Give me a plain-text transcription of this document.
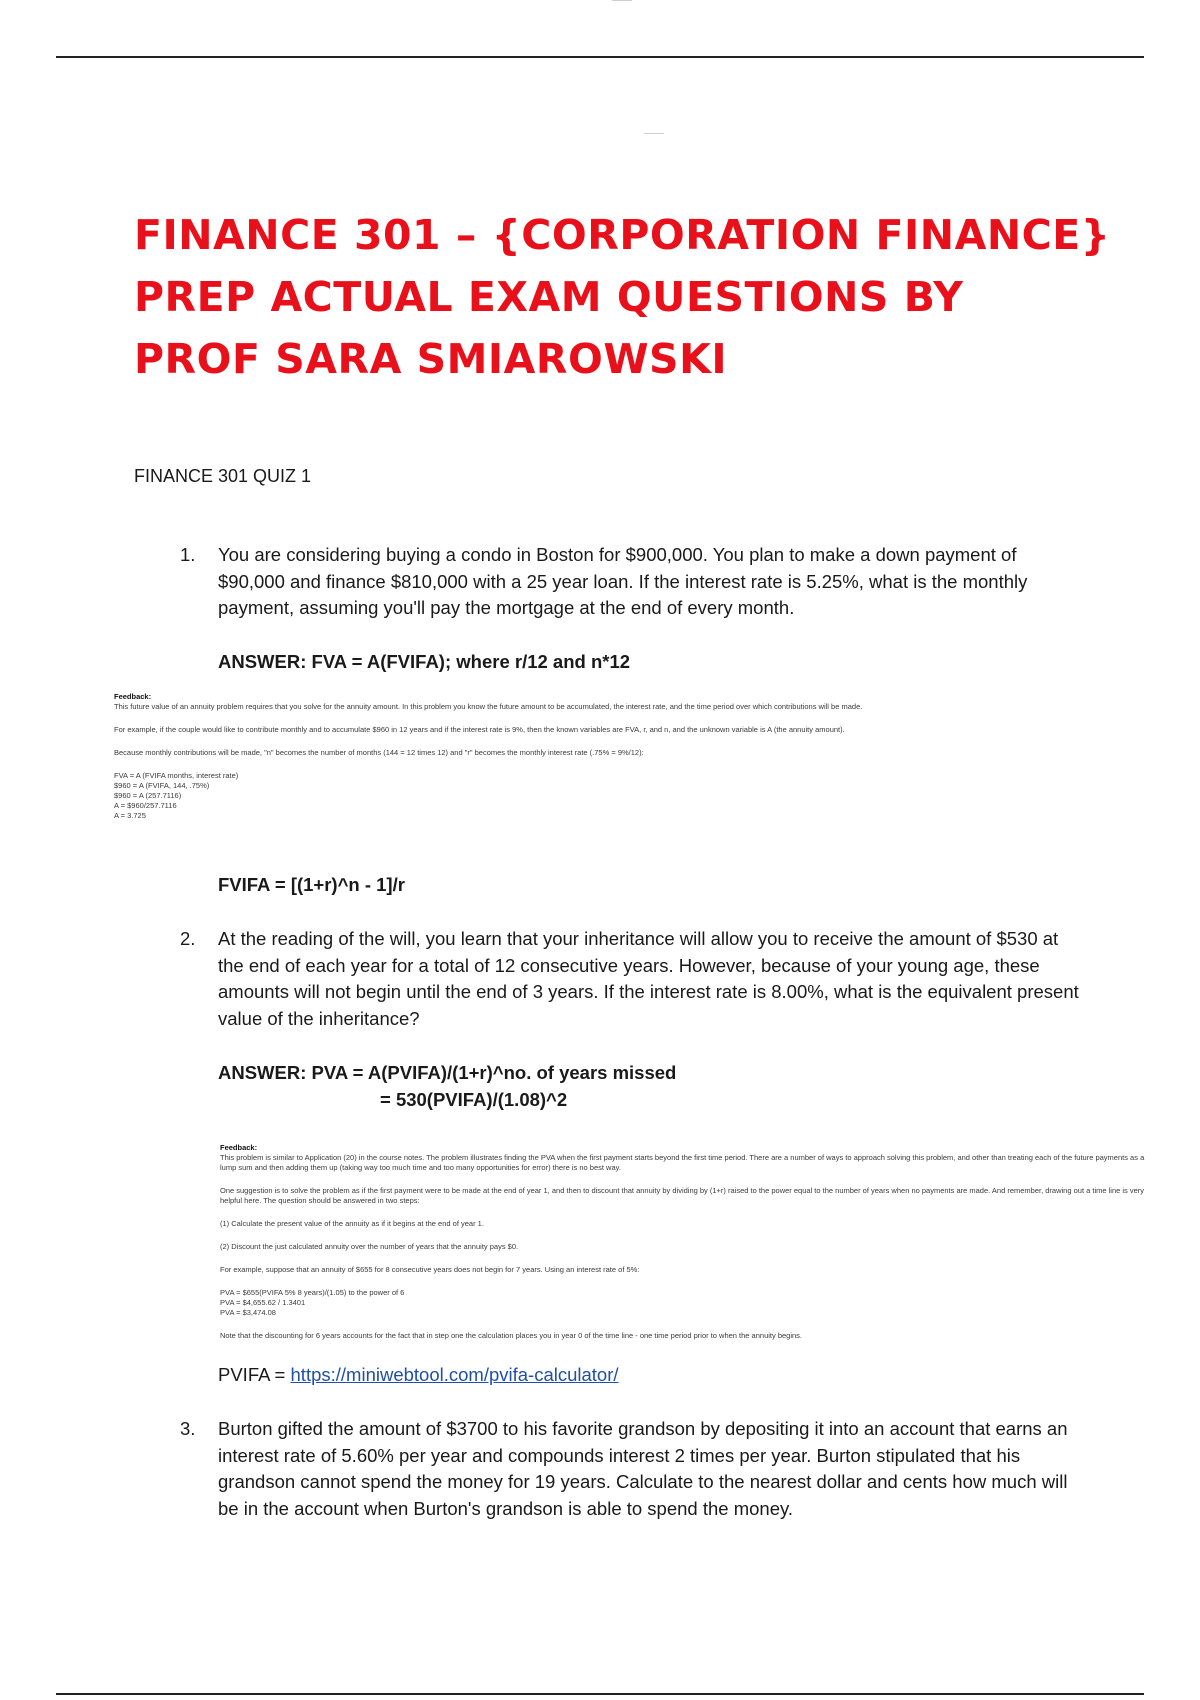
FINANCE 301 – {CORPORATION FINANCE}
PREP ACTUAL EXAM QUESTIONS BY
PROF SARA SMIAROWSKI
FINANCE 301 QUIZ 1
1. You are considering buying a condo in Boston for $900,000. You plan to make a down payment of $90,000 and finance $810,000 with a 25 year loan. If the interest rate is 5.25%, what is the monthly payment, assuming you'll pay the mortgage at the end of every month.
ANSWER: FVA = A(FVIFA); where r/12 and n*12
Feedback:
This future value of an annuity problem requires that you solve for the annuity amount. In this problem you know the future amount to be accumulated, the interest rate, and the time period over which contributions will be made.
For example, if the couple would like to contribute monthly and to accumulate $960 in 12 years and if the interest rate is 9%, then the known variables are FVA, r, and n, and the unknown variable is A (the annuity amount).
Because monthly contributions will be made, "n" becomes the number of months (144 = 12 times 12) and "r" becomes the monthly interest rate (.75% = 9%/12):
FVA = A (FVIFA months, interest rate)
$960 = A (FVIFA, 144, .75%)
$960 = A (257.7116)
A = $960/257.7116
A = 3.725
FVIFA = [(1+r)^n - 1]/r
2. At the reading of the will, you learn that your inheritance will allow you to receive the amount of $530 at the end of each year for a total of 12 consecutive years. However, because of your young age, these amounts will not begin until the end of 3 years. If the interest rate is 8.00%, what is the equivalent present value of the inheritance?
ANSWER: PVA = A(PVIFA)/(1+r)^no. of years missed
= 530(PVIFA)/(1.08)^2
Feedback:
This problem is similar to Application (20) in the course notes. The problem illustrates finding the PVA when the first payment starts beyond the first time period. There are a number of ways to approach solving this problem, and other than treating each of the future payments as a lump sum and then adding them up (taking way too much time and too many opportunities for error) there is no best way.
One suggestion is to solve the problem as if the first payment were to be made at the end of year 1, and then to discount that annuity by dividing by (1+r) raised to the power equal to the number of years when no payments are made. And remember, drawing out a time line is very helpful here. The question should be answered in two steps:
(1) Calculate the present value of the annuity as if it begins at the end of year 1.
(2) Discount the just calculated annuity over the number of years that the annuity pays $0.
For example, suppose that an annuity of $655 for 8 consecutive years does not begin for 7 years. Using an interest rate of 5%:
PVA = $655(PVIFA 5% 8 years)/(1.05) to the power of 6
PVA = $4,655.62 / 1.3401
PVA = $3,474.08
Note that the discounting for 6 years accounts for the fact that in step one the calculation places you in year 0 of the time line - one time period prior to when the annuity begins.
PVIFA = https://miniwebtool.com/pvifa-calculator/
3. Burton gifted the amount of $3700 to his favorite grandson by depositing it into an account that earns an interest rate of 5.60% per year and compounds interest 2 times per year. Burton stipulated that his grandson cannot spend the money for 19 years. Calculate to the nearest dollar and cents how much will be in the account when Burton's grandson is able to spend the money.
